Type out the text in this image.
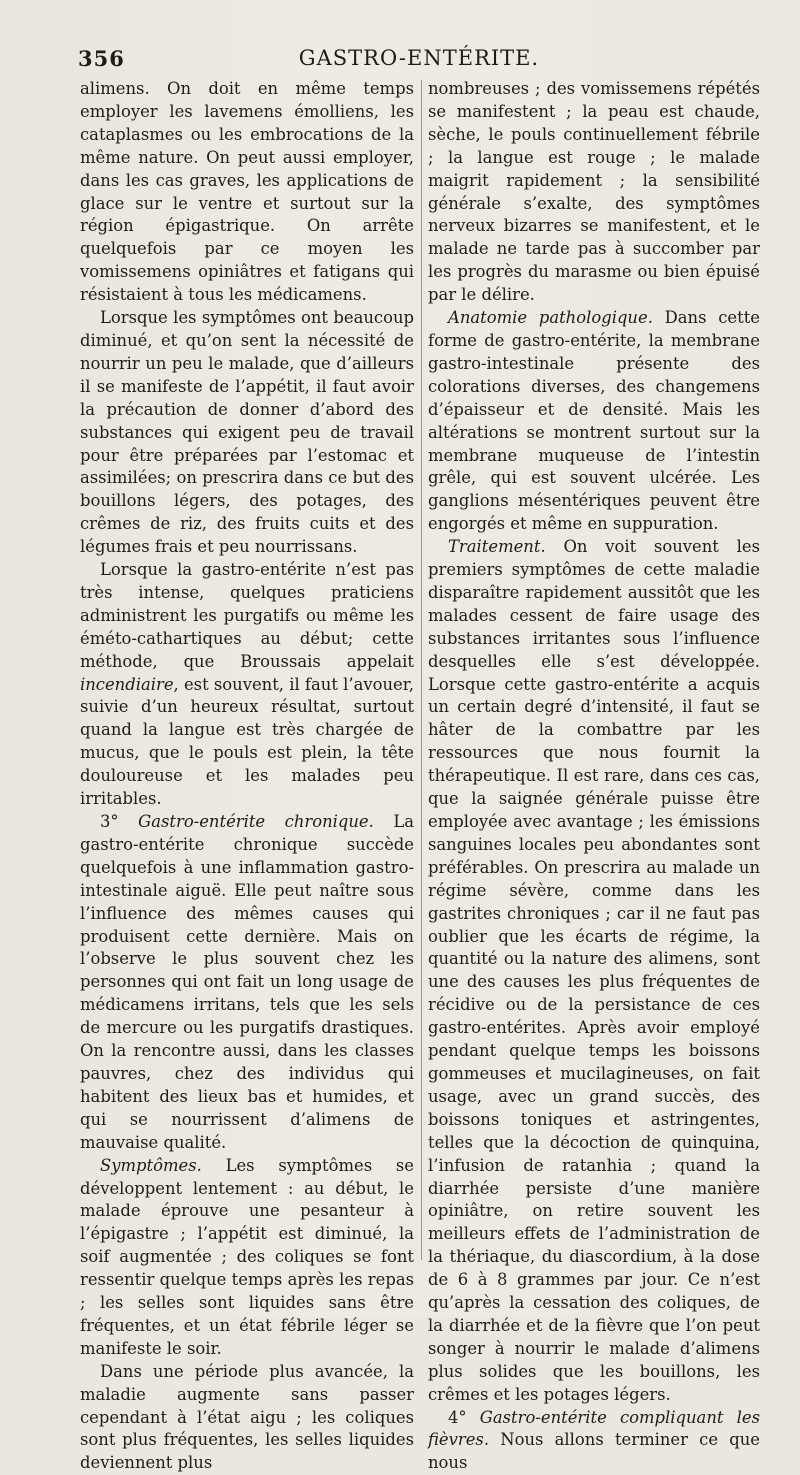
356	GASTRO-ENTÉRITE.

alimens. On doit en même temps employer les lavemens émolliens, les cataplasmes ou les embrocations de la même nature. On peut aussi employer, dans les cas graves, les applications de glace sur le ventre et surtout sur la région épigastrique. On arrête quelquefois par ce moyen les vomissemens opiniâtres et fatigans qui résistaient à tous les médicamens.

Lorsque les symptômes ont beaucoup diminué, et qu’on sent la nécessité de nourrir un peu le malade, que d’ailleurs il se manifeste de l’appétit, il faut avoir la précaution de donner d’abord des substances qui exigent peu de travail pour être préparées par l’estomac et assimilées; on prescrira dans ce but des bouillons légers, des potages, des crêmes de riz, des fruits cuits et des légumes frais et peu nourrissans.

Lorsque la gastro-entérite n’est pas très intense, quelques praticiens administrent les purgatifs ou même les éméto-cathartiques au début; cette méthode, que Broussais appelait incendiaire, est souvent, il faut l’avouer, suivie d’un heureux résultat, surtout quand la langue est très chargée de mucus, que le pouls est plein, la tête douloureuse et les malades peu irritables.

3° Gastro-entérite chronique. La gastro-entérite chronique succède quelquefois à une inflammation gastro-intestinale aiguë. Elle peut naître sous l’influence des mêmes causes qui produisent cette dernière. Mais on l’observe le plus souvent chez les personnes qui ont fait un long usage de médicamens irritans, tels que les sels de mercure ou les purgatifs drastiques. On la rencontre aussi, dans les classes pauvres, chez des individus qui habitent des lieux bas et humides, et qui se nourrissent d’alimens de mauvaise qualité.

Symptômes. Les symptômes se développent lentement : au début, le malade éprouve une pesanteur à l’épigastre ; l’appétit est diminué, la soif augmentée ; des coliques se font ressentir quelque temps après les repas ; les selles sont liquides sans être fréquentes, et un état fébrile léger se manifeste le soir.

Dans une période plus avancée, la maladie augmente sans passer cependant à l’état aigu ; les coliques sont plus fréquentes, les selles liquides deviennent plus

nombreuses ; des vomissemens répétés se manifestent ; la peau est chaude, sèche, le pouls continuellement fébrile ; la langue est rouge ; le malade maigrit rapidement ; la sensibilité générale s’exalte, des symptômes nerveux bizarres se manifestent, et le malade ne tarde pas à succomber par les progrès du marasme ou bien épuisé par le délire.

Anatomie pathologique. Dans cette forme de gastro-entérite, la membrane gastro-intestinale présente des colorations diverses, des changemens d’épaisseur et de densité. Mais les altérations se montrent surtout sur la membrane muqueuse de l’intestin grêle, qui est souvent ulcérée. Les ganglions mésentériques peuvent être engorgés et même en suppuration.

Traitement. On voit souvent les premiers symptômes de cette maladie disparaître rapidement aussitôt que les malades cessent de faire usage des substances irritantes sous l’influence desquelles elle s’est développée. Lorsque cette gastro-entérite a acquis un certain degré d’intensité, il faut se hâter de la combattre par les ressources que nous fournit la thérapeutique. Il est rare, dans ces cas, que la saignée générale puisse être employée avec avantage ; les émissions sanguines locales peu abondantes sont préférables. On prescrira au malade un régime sévère, comme dans les gastrites chroniques ; car il ne faut pas oublier que les écarts de régime, la quantité ou la nature des alimens, sont une des causes les plus fréquentes de récidive ou de la persistance de ces gastro-entérites. Après avoir employé pendant quelque temps les boissons gommeuses et mucilagineuses, on fait usage, avec un grand succès, des boissons toniques et astringentes, telles que la décoction de quinquina, l’infusion de ratanhia ; quand la diarrhée persiste d’une manière opiniâtre, on retire souvent les meilleurs effets de l’administration de la thériaque, du diascordium, à la dose de 6 à 8 grammes par jour. Ce n’est qu’après la cessation des coliques, de la diarrhée et de la fièvre que l’on peut songer à nourrir le malade d’alimens plus solides que les bouillons, les crêmes et les potages légers.

4° Gastro-entérite compliquant les fièvres. Nous allons terminer ce que nous
